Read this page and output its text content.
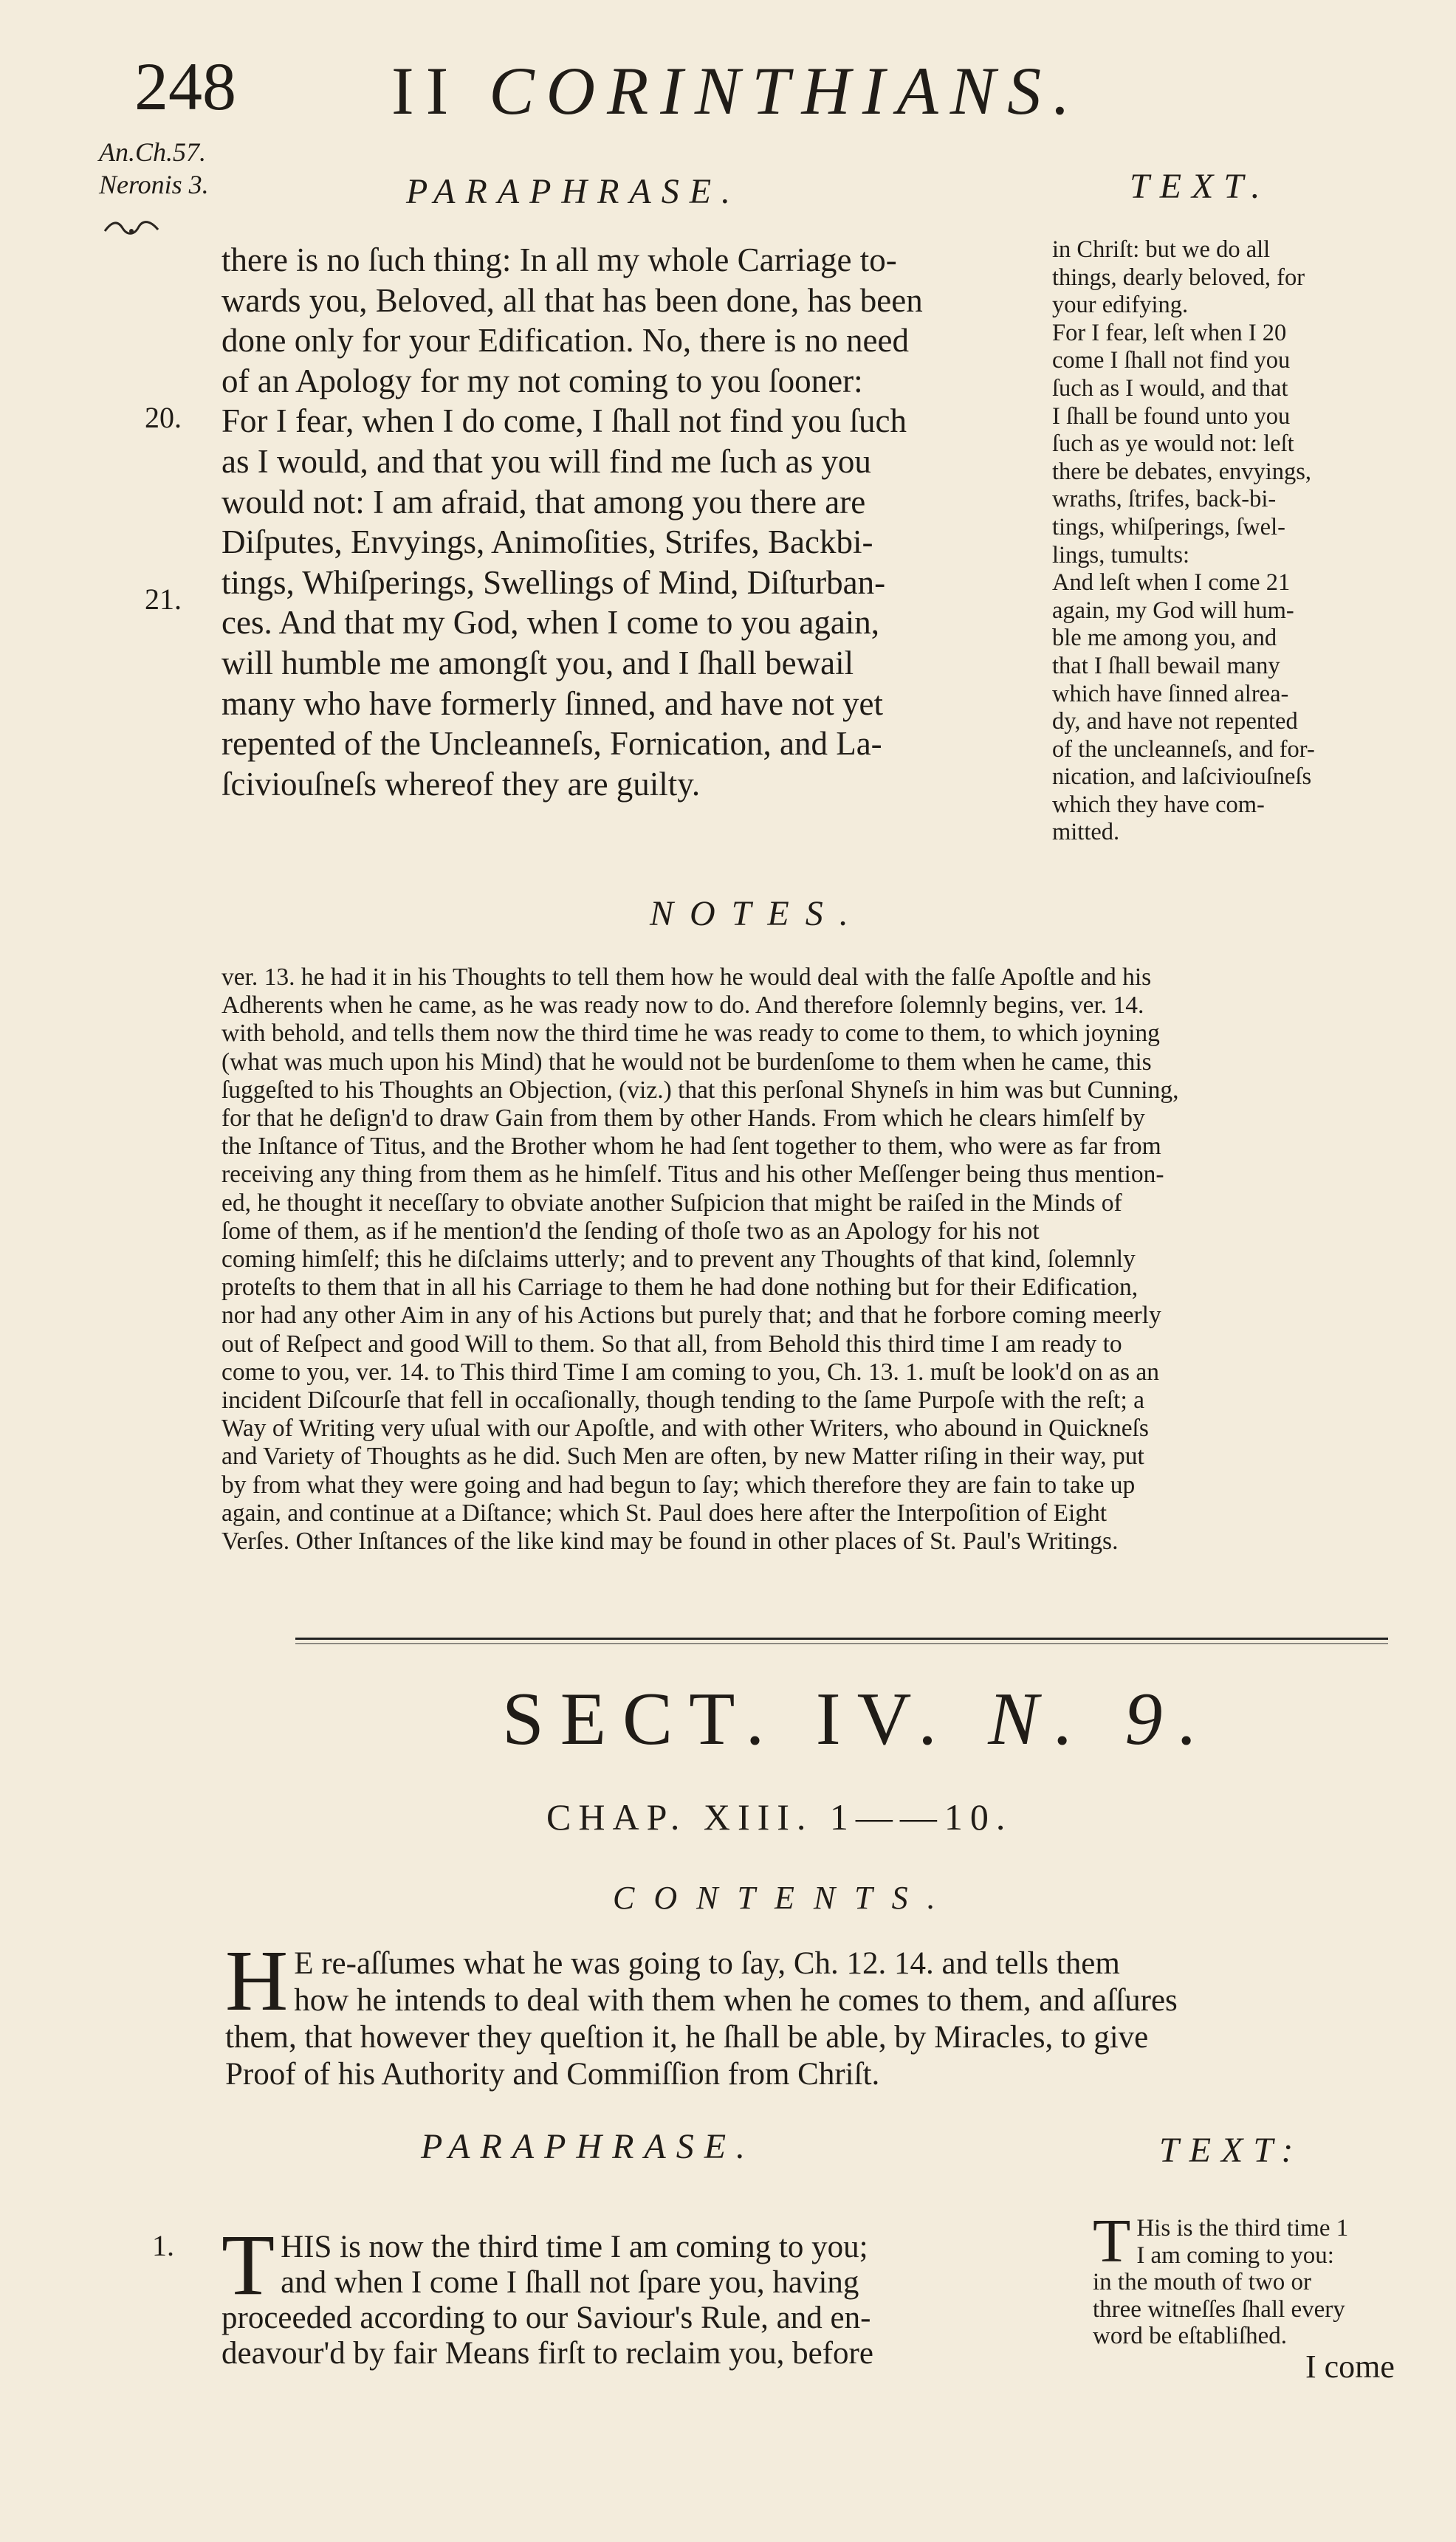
248 II CORINTHIANS.
An.Ch.57.
Neronis 3.	PARAPHRASE.	TEXT.
20.
21.
there is no ſuch thing: In all my whole Carriage to-
wards you, Beloved, all that has been done, has been
done only for your Edification. No, there is no need
of an Apology for my not coming to you ſooner:
For I fear, when I do come, I ſhall not find you ſuch
as I would, and that you will find me ſuch as you
would not: I am afraid, that among you there are
Diſputes, Envyings, Animoſities, Strifes, Backbi-
tings, Whiſperings, Swellings of Mind, Diſturban-
ces. And that my God, when I come to you again,
will humble me amongſt you, and I ſhall bewail
many who have formerly ſinned, and have not yet
repented of the Uncleanneſs, Fornication, and La-
ſciviouſneſs whereof they are guilty.
in Chriſt: but we do all
things, dearly beloved, for
your edifying.
For I fear, leſt when I 20
come I ſhall not find you
ſuch as I would, and that
I ſhall be found unto you
ſuch as ye would not: leſt
there be debates, envyings,
wraths, ſtrifes, back-bi-
tings, whiſperings, ſwel-
lings, tumults:
And leſt when I come 21
again, my God will hum-
ble me among you, and
that I ſhall bewail many
which have ſinned alrea-
dy, and have not repented
of the uncleanneſs, and for-
nication, and laſciviouſneſs
which they have com-
mitted.
NOTES.
ver. 13. he had it in his Thoughts to tell them how he would deal with the falſe Apoſtle and his
Adherents when he came, as he was ready now to do. And therefore ſolemnly begins, ver. 14.
with behold, and tells them now the third time he was ready to come to them, to which joyning
(what was much upon his Mind) that he would not be burdenſome to them when he came, this
ſuggeſted to his Thoughts an Objection, (viz.) that this perſonal Shyneſs in him was but Cunning,
for that he deſign'd to draw Gain from them by other Hands. From which he clears himſelf by
the Inſtance of Titus, and the Brother whom he had ſent together to them, who were as far from
receiving any thing from them as he himſelf. Titus and his other Meſſenger being thus mention-
ed, he thought it neceſſary to obviate another Suſpicion that might be raiſed in the Minds of
ſome of them, as if he mention'd the ſending of thoſe two as an Apology for his not
coming himſelf; this he diſclaims utterly; and to prevent any Thoughts of that kind, ſolemnly
proteſts to them that in all his Carriage to them he had done nothing but for their Edification,
nor had any other Aim in any of his Actions but purely that; and that he forbore coming meerly
out of Reſpect and good Will to them. So that all, from Behold this third time I am ready to
come to you, ver. 14. to This third Time I am coming to you, Ch. 13. 1. muſt be look'd on as an
incident Diſcourſe that fell in occaſionally, though tending to the ſame Purpoſe with the reſt; a
Way of Writing very uſual with our Apoſtle, and with other Writers, who abound in Quickneſs
and Variety of Thoughts as he did. Such Men are often, by new Matter riſing in their way, put
by from what they were going and had begun to ſay; which therefore they are fain to take up
again, and continue at a Diſtance; which St. Paul does here after the Interpoſition of Eight
Verſes. Other Inſtances of the like kind may be found in other places of St. Paul's Writings.
SECT. IV. N. 9.
CHAP. XIII. 1——10.
CONTENTS.
H E re-aſſumes what he was going to ſay, Ch. 12. 14. and tells them
how he intends to deal with them when he comes to them, and aſſures
them, that however they queſtion it, he ſhall be able, by Miracles, to give
Proof of his Authority and Commiſſion from Chriſt.
PARAPHRASE.	TEXT:
1. T HIS is now the third time I am coming to you;
and when I come I ſhall not ſpare you, having
proceeded according to our Saviour's Rule, and en-
deavour'd by fair Means firſt to reclaim you, before
T His is the third time 1
I am coming to you:
in the mouth of two or
three witneſſes ſhall every
word be eſtabliſhed.
I come
